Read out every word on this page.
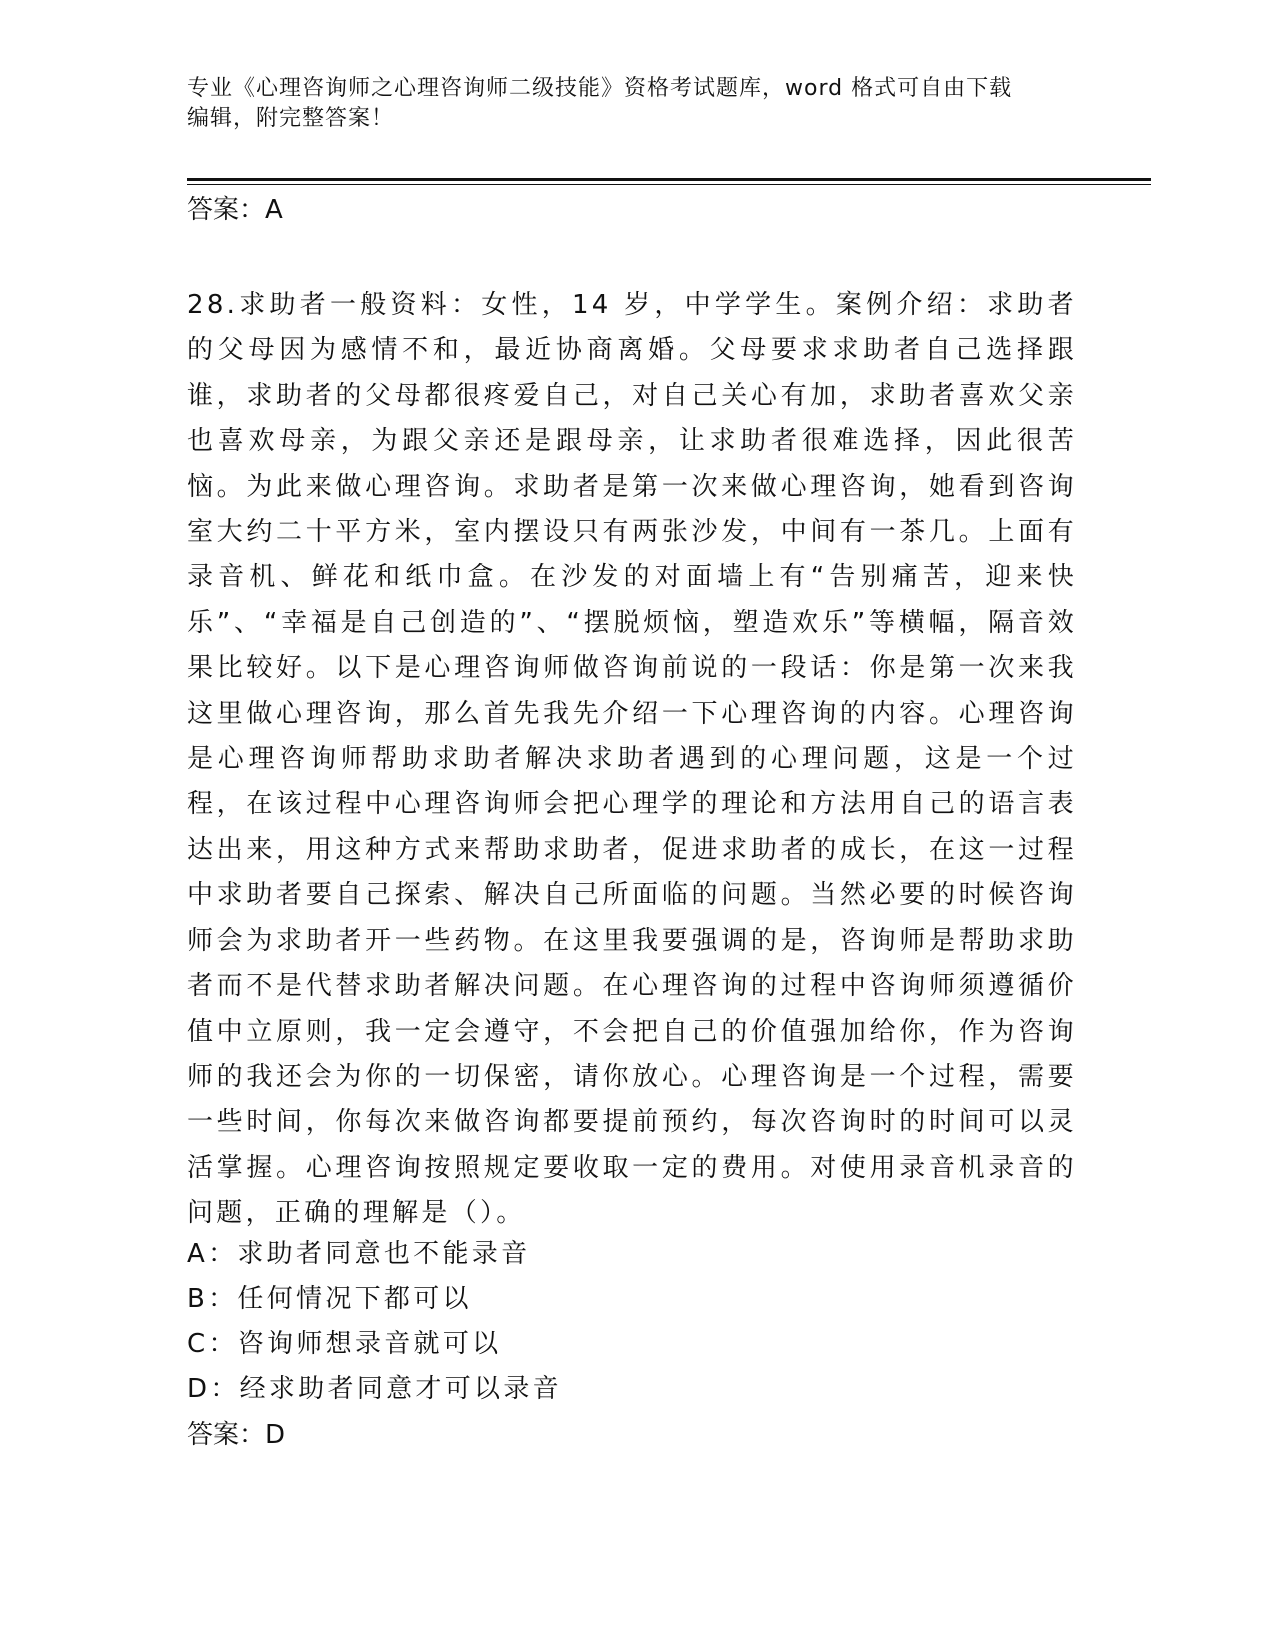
专业《心理咨询师之心理咨询师二级技能》资格考试题库，word 格式可自由下载
编辑，附完整答案！
答案：A
28.求助者一般资料：女性，14 岁，中学学生。案例介绍：求助者的父母因为感情不和，最近协商离婚。父母要求求助者自己选择跟谁，求助者的父母都很疼爱自己，对自己关心有加，求助者喜欢父亲也喜欢母亲，为跟父亲还是跟母亲，让求助者很难选择，因此很苦恼。为此来做心理咨询。求助者是第一次来做心理咨询，她看到咨询室大约二十平方米，室内摆设只有两张沙发，中间有一茶几。上面有录音机、鲜花和纸巾盒。在沙发的对面墙上有“告别痛苦，迎来快乐”、“幸福是自己创造的”、“摆脱烦恼，塑造欢乐”等横幅，隔音效果比较好。以下是心理咨询师做咨询前说的一段话：你是第一次来我这里做心理咨询，那么首先我先介绍一下心理咨询的内容。心理咨询是心理咨询师帮助求助者解决求助者遇到的心理问题，这是一个过程，在该过程中心理咨询师会把心理学的理论和方法用自己的语言表达出来，用这种方式来帮助求助者，促进求助者的成长，在这一过程中求助者要自己探索、解决自己所面临的问题。当然必要的时候咨询师会为求助者开一些药物。在这里我要强调的是，咨询师是帮助求助者而不是代替求助者解决问题。在心理咨询的过程中咨询师须遵循价值中立原则，我一定会遵守，不会把自己的价值强加给你，作为咨询师的我还会为你的一切保密，请你放心。心理咨询是一个过程，需要一些时间，你每次来做咨询都要提前预约，每次咨询时的时间可以灵活掌握。心理咨询按照规定要收取一定的费用。对使用录音机录音的问题，正确的理解是（）。
A：求助者同意也不能录音
B：任何情况下都可以
C：咨询师想录音就可以
D：经求助者同意才可以录音
答案：D
